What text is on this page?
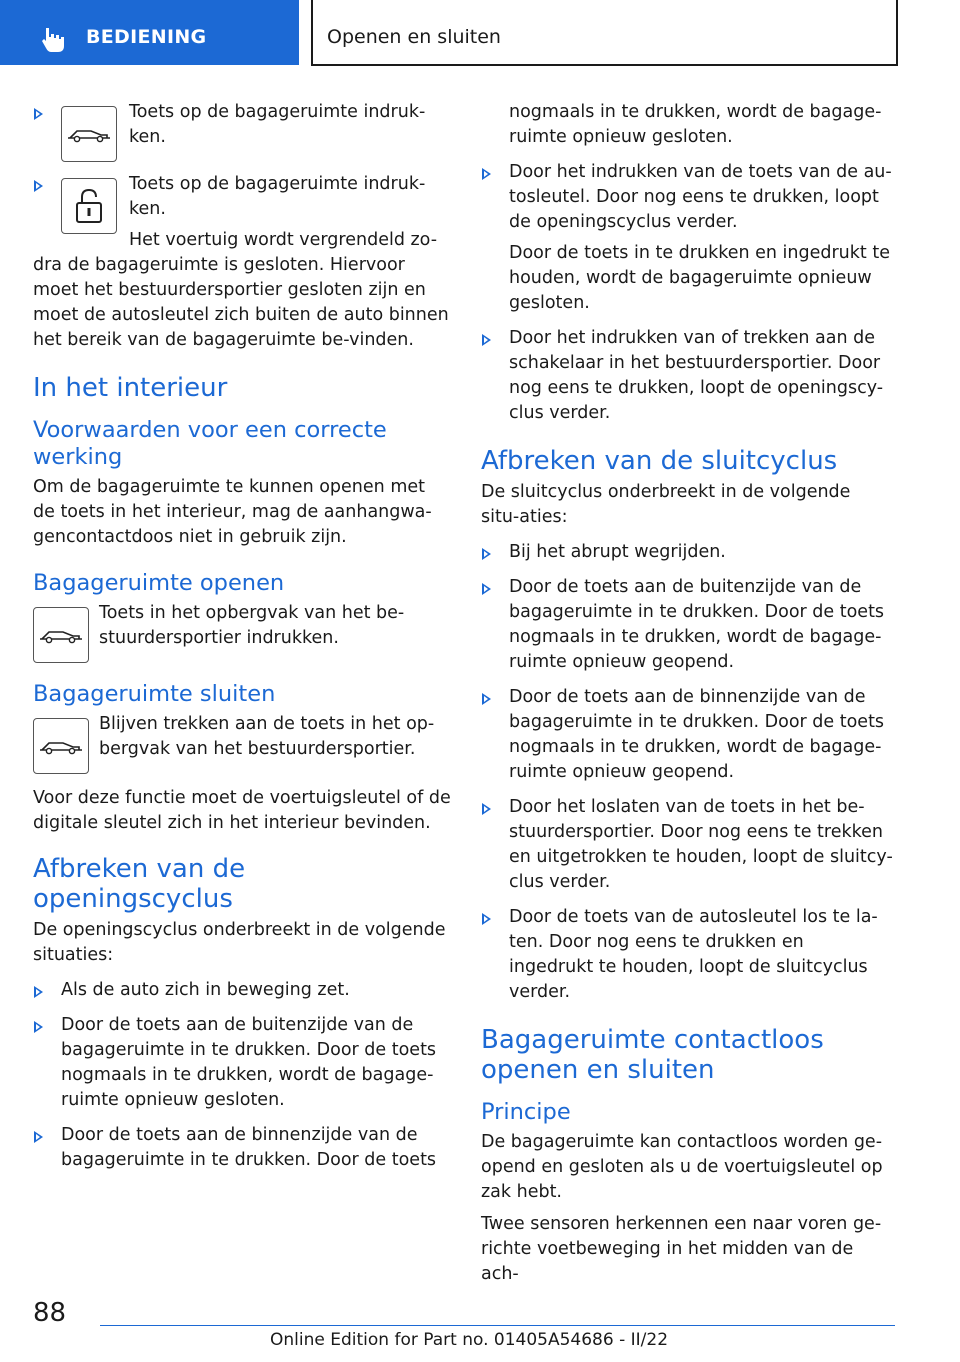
BEDIENING	Openen en sluiten
Toets op de bagageruimte indruk-ken.
Toets op de bagageruimte indruk-ken.
Het voertuig wordt vergrendeld zo-

dra de bagageruimte is gesloten. Hiervoor moet het bestuurdersportier gesloten zijn en moet de autosleutel zich buiten de auto binnen het bereik van de bagageruimte be-vinden.

In het interieur
Voorwaarden voor een correcte werking

Om de bagageruimte te kunnen openen met de toets in het interieur, mag de aanhangwa-gencontactdoos niet in gebruik zijn.

Bagageruimte openen
Toets in het opbergvak van het be-stuurdersportier indrukken.
Bagageruimte sluiten
Blijven trekken aan de toets in het op-bergvak van het bestuurdersportier.

Voor deze functie moet de voertuigsleutel of de digitale sleutel zich in het interieur bevinden.

Afbreken van de openingscyclus

De openingscyclus onderbreekt in de volgende situaties:

Als de auto zich in beweging zet.
Door de toets aan de buitenzijde van de bagageruimte in te drukken. Door de toets nogmaals in te drukken, wordt de bagage-ruimte opnieuw gesloten.
Door de toets aan de binnenzijde van de bagageruimte in te drukken. Door de toets
nogmaals in te drukken, wordt de bagage-ruimte opnieuw gesloten.
Door het indrukken van de toets van de au-tosleutel. Door nog eens te drukken, loopt de openingscyclus verder.
Door de toets in te drukken en ingedrukt te houden, wordt de bagageruimte opnieuw gesloten.
Door het indrukken van of trekken aan de schakelaar in het bestuurdersportier. Door nog eens te drukken, loopt de openingscy-clus verder.
Afbreken van de sluitcyclus

De sluitcyclus onderbreekt in de volgende situ-aties:

Bij het abrupt wegrijden.
Door de toets aan de buitenzijde van de bagageruimte in te drukken. Door de toets nogmaals in te drukken, wordt de bagage-ruimte opnieuw geopend.
Door de toets aan de binnenzijde van de bagageruimte in te drukken. Door de toets nogmaals in te drukken, wordt de bagage-ruimte opnieuw geopend.
Door het loslaten van de toets in het be-stuurdersportier. Door nog eens te trekken en uitgetrokken te houden, loopt de sluitcy-clus verder.
Door de toets van de autosleutel los te la-ten. Door nog eens te drukken en ingedrukt te houden, loopt de sluitcyclus verder.
Bagageruimte contactloos openen en sluiten
Principe

De bagageruimte kan contactloos worden ge-opend en gesloten als u de voertuigsleutel op zak hebt.

Twee sensoren herkennen een naar voren ge-richte voetbeweging in het midden van de ach-

88
Online Edition for Part no. 01405A54686 - II/22
